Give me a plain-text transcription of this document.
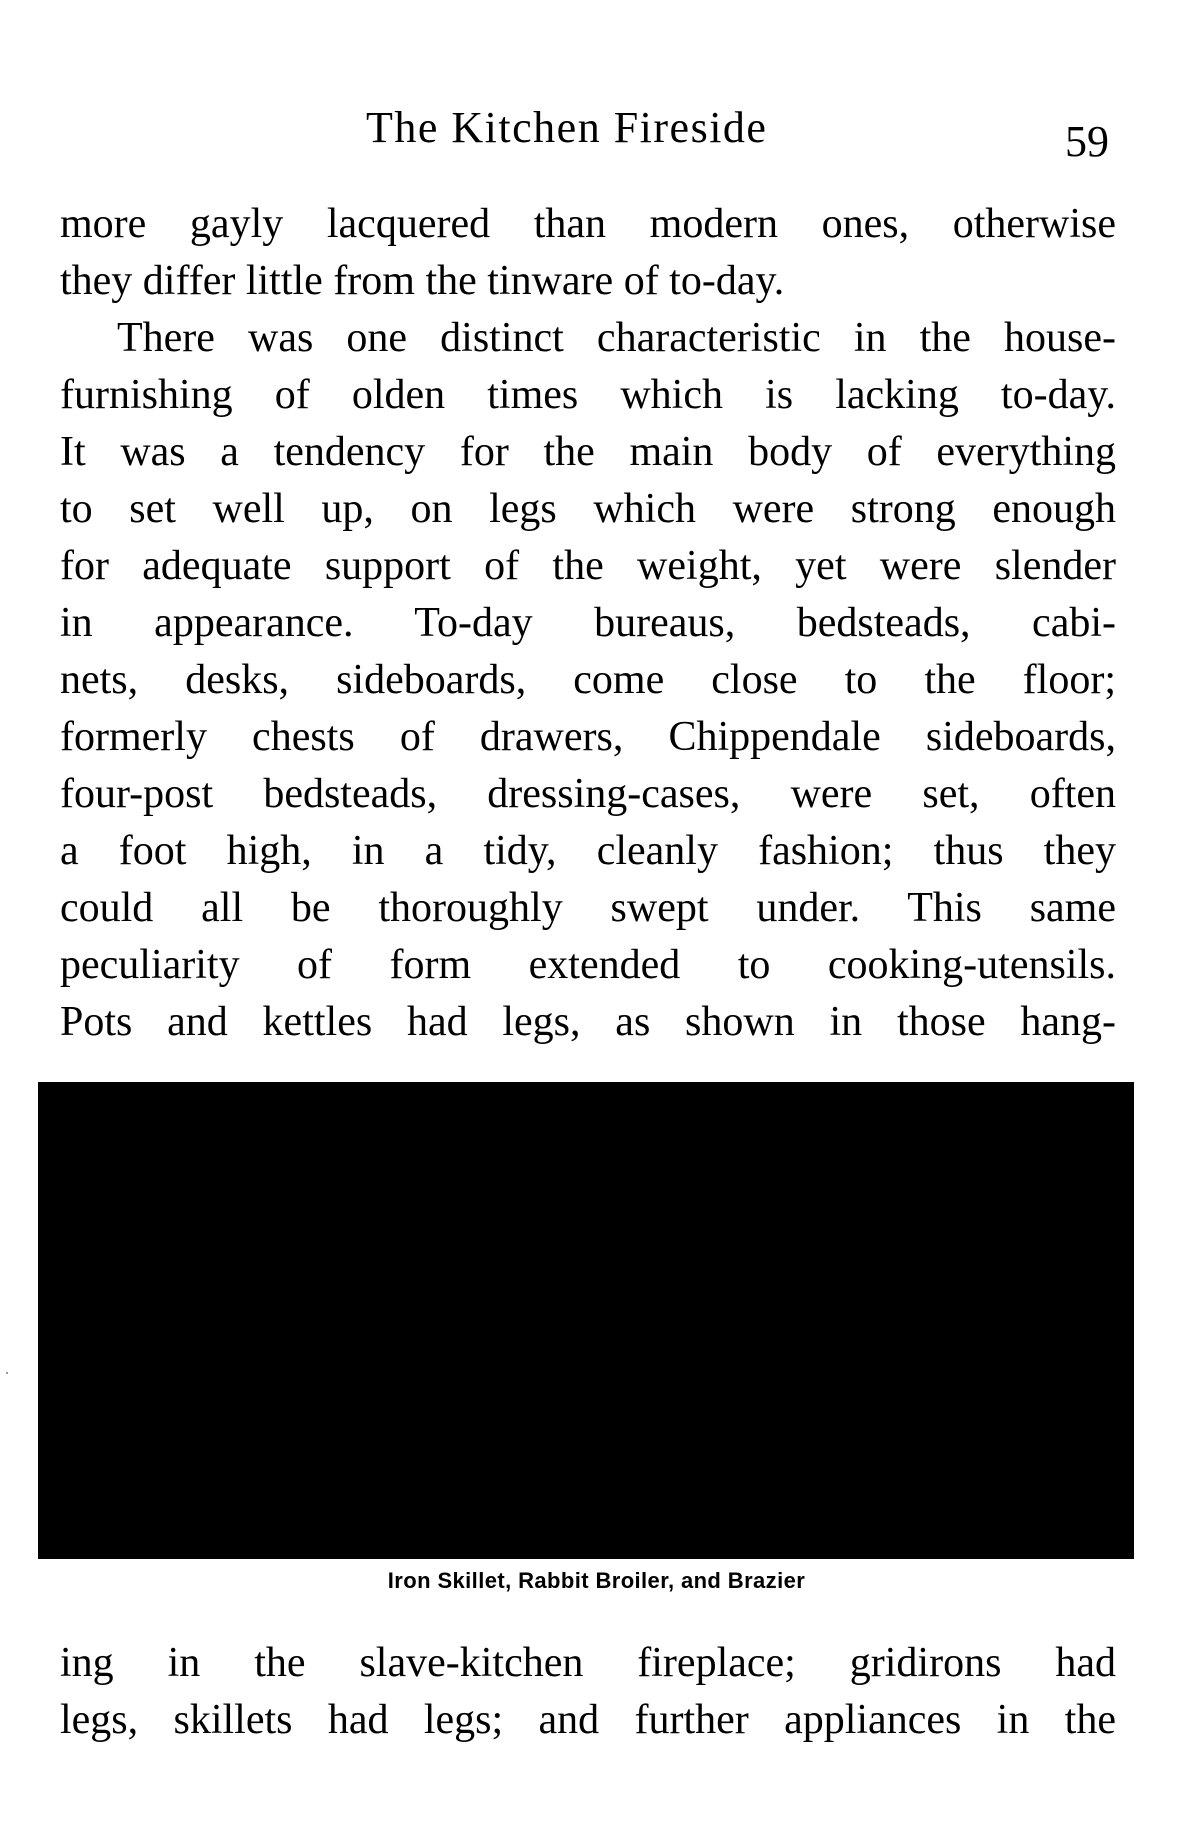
The Kitchen Fireside	59
more gayly lacquered than modern ones, otherwise
they differ little from the tinware of to-day.
There was one distinct characteristic in the house-
furnishing of olden times which is lacking to-day.
It was a tendency for the main body of everything
to set well up, on legs which were strong enough
for adequate support of the weight, yet were slender
in appearance. To-day bureaus, bedsteads, cabi-
nets, desks, sideboards, come close to the floor;
formerly chests of drawers, Chippendale sideboards,
four-post bedsteads, dressing-cases, were set, often
a foot high, in a tidy, cleanly fashion; thus they
could all be thoroughly swept under. This same
peculiarity of form extended to cooking-utensils.
Pots and kettles had legs, as shown in those hang-
Iron Skillet, Rabbit Broiler, and Brazier
ing in the slave-kitchen fireplace; gridirons had
legs, skillets had legs; and further appliances in the
